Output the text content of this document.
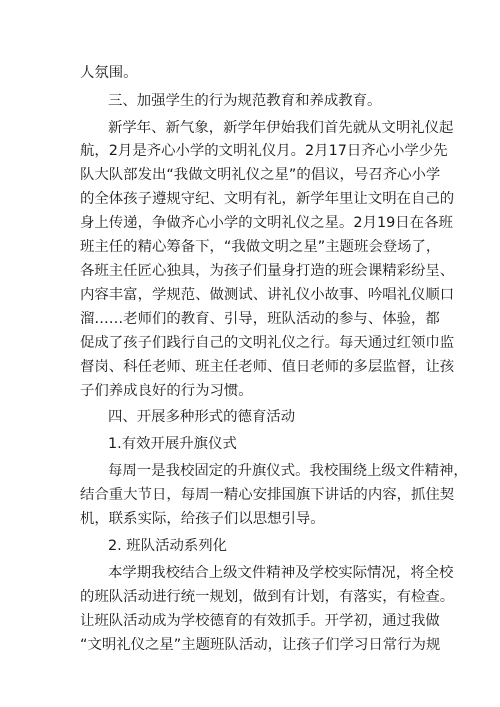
人氛围。
三、加强学生的行为规范教育和养成教育。
新学年、新气象，新学年伊始我们首先就从文明礼仪起
航，2月是齐心小学的文明礼仪月。2月17日齐心小学少先
队大队部发出“我做文明礼仪之星”的倡议，号召齐心小学
的全体孩子遵规守纪、文明有礼，新学年里让文明在自己的
身上传递，争做齐心小学的文明礼仪之星。2月19日在各班
班主任的精心筹备下，“我做文明之星”主题班会登场了，
各班主任匠心独具，为孩子们量身打造的班会课精彩纷呈、
内容丰富，学规范、做测试、讲礼仪小故事、吟唱礼仪顺口
溜……老师们的教育、引导，班队活动的参与、体验，都
促成了孩子们践行自己的文明礼仪之行。每天通过红领巾监
督岗、科任老师、班主任老师、值日老师的多层监督，让孩
子们养成良好的行为习惯。
四、开展多种形式的德育活动
1.有效开展升旗仪式
每周一是我校固定的升旗仪式。我校围绕上级文件精神，
结合重大节日，每周一精心安排国旗下讲话的内容，抓住契
机，联系实际，给孩子们以思想引导。
2. 班队活动系列化
本学期我校结合上级文件精神及学校实际情况，将全校
的班队活动进行统一规划，做到有计划，有落实，有检查。
让班队活动成为学校德育的有效抓手。开学初，通过我做
“文明礼仪之星”主题班队活动，让孩子们学习日常行为规
